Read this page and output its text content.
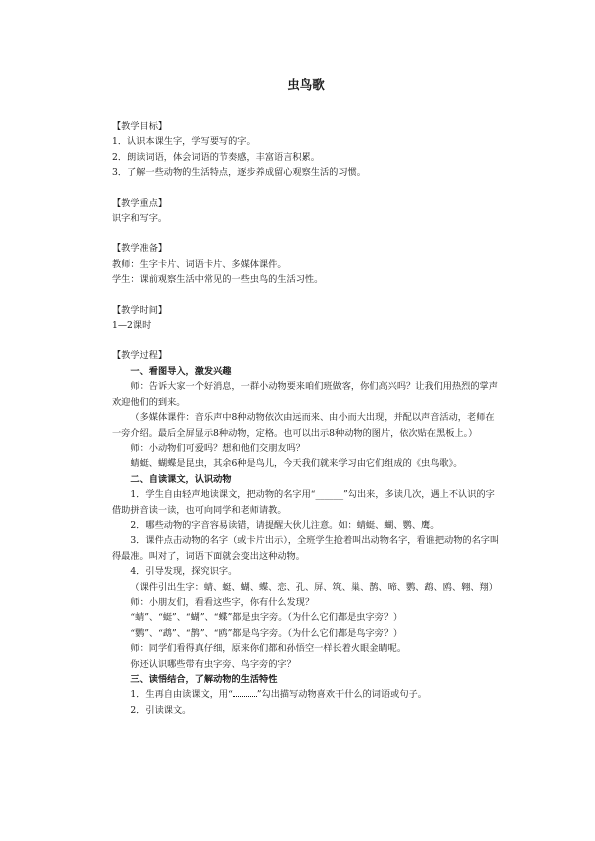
虫鸟歌
【教学目标】
1．认识本课生字，学写要写的字。
2．朗读词语，体会词语的节奏感，丰富语言积累。
3．了解一些动物的生活特点，逐步养成留心观察生活的习惯。
【教学重点】
识字和写字。
【教学准备】
教师：生字卡片、词语卡片、多媒体课件。
学生：课前观察生活中常见的一些虫鸟的生活习性。
【教学时间】
1—2课时
【教学过程】
一、看图导入，激发兴趣
师：告诉大家一个好消息，一群小动物要来咱们班做客，你们高兴吗？让我们用热烈的掌声欢迎他们的到来。
（多媒体课件：音乐声中8种动物依次由远而来、由小而大出现，并配以声音活动，老师在一旁介绍。最后全屏显示8种动物，定格。也可以出示8种动物的图片，依次贴在黑板上。）
师：小动物们可爱吗？想和他们交朋友吗？
蜻蜓、蝴蝶是昆虫，其余6种是鸟儿，今天我们就来学习由它们组成的《虫鸟歌》。
二、自读课文，认识动物
1．学生自由轻声地读课文，把动物的名字用“______”勾出来，多读几次，遇上不认识的字借助拼音读一读，也可向同学和老师请教。
2．哪些动物的字音容易读错，请提醒大伙儿注意。如：蜻蜓、蝴、鹦、鹰。
3．课件点击动物的名字（或卡片出示），全班学生抢着叫出动物名字，看谁把动物的名字叫得最准。叫对了，词语下面就会变出这种动物。
4．引导发现，探究识字。
（课件引出生字：蜻、蜓、蝴、蝶、恋、孔、屏、筑、巢、鹊、啼、鹦、鹉、鸥、翱、翔）
师：小朋友们，看看这些字，你有什么发现？
“蜻”、“蜓”、“蝴”、“蝶”都是虫字旁。（为什么它们都是虫字旁？）
“鹦”、“鹉”、“鹊”、“鸥”都是鸟字旁。（为什么它们都是鸟字旁？）
师：同学们看得真仔细，原来你们都和孙悟空一样长着火眼金睛呢。
你还认识哪些带有虫字旁、鸟字旁的字？
三、读悟结合，了解动物的生活特性
1．生再自由读课文，用“	”勾出描写动物喜欢干什么的词语或句子。
2．引读课文。
